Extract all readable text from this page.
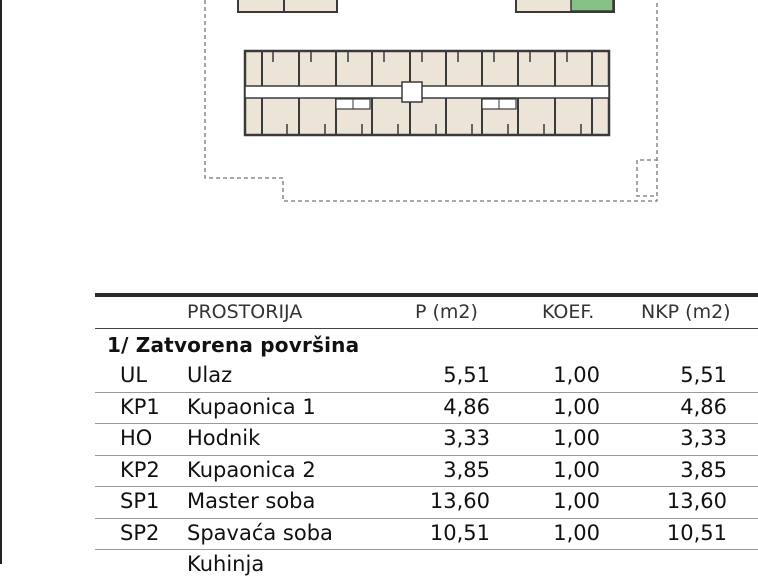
PROSTORIJA	P (m2)	KOEF.	NKP (m2)
1/ Zatvorena površina
UL Ulaz	5,51	1,00	5,51
KP1 Kupaonica 1	4,86	1,00	4,86
HO Hodnik	3,33	1,00	3,33
KP2 Kupaonica 2	3,85	1,00	3,85
SP1 Master soba	13,60	1,00	13,60
SP2 Spavaća soba	10,51	1,00	10,51
Kuhinja
